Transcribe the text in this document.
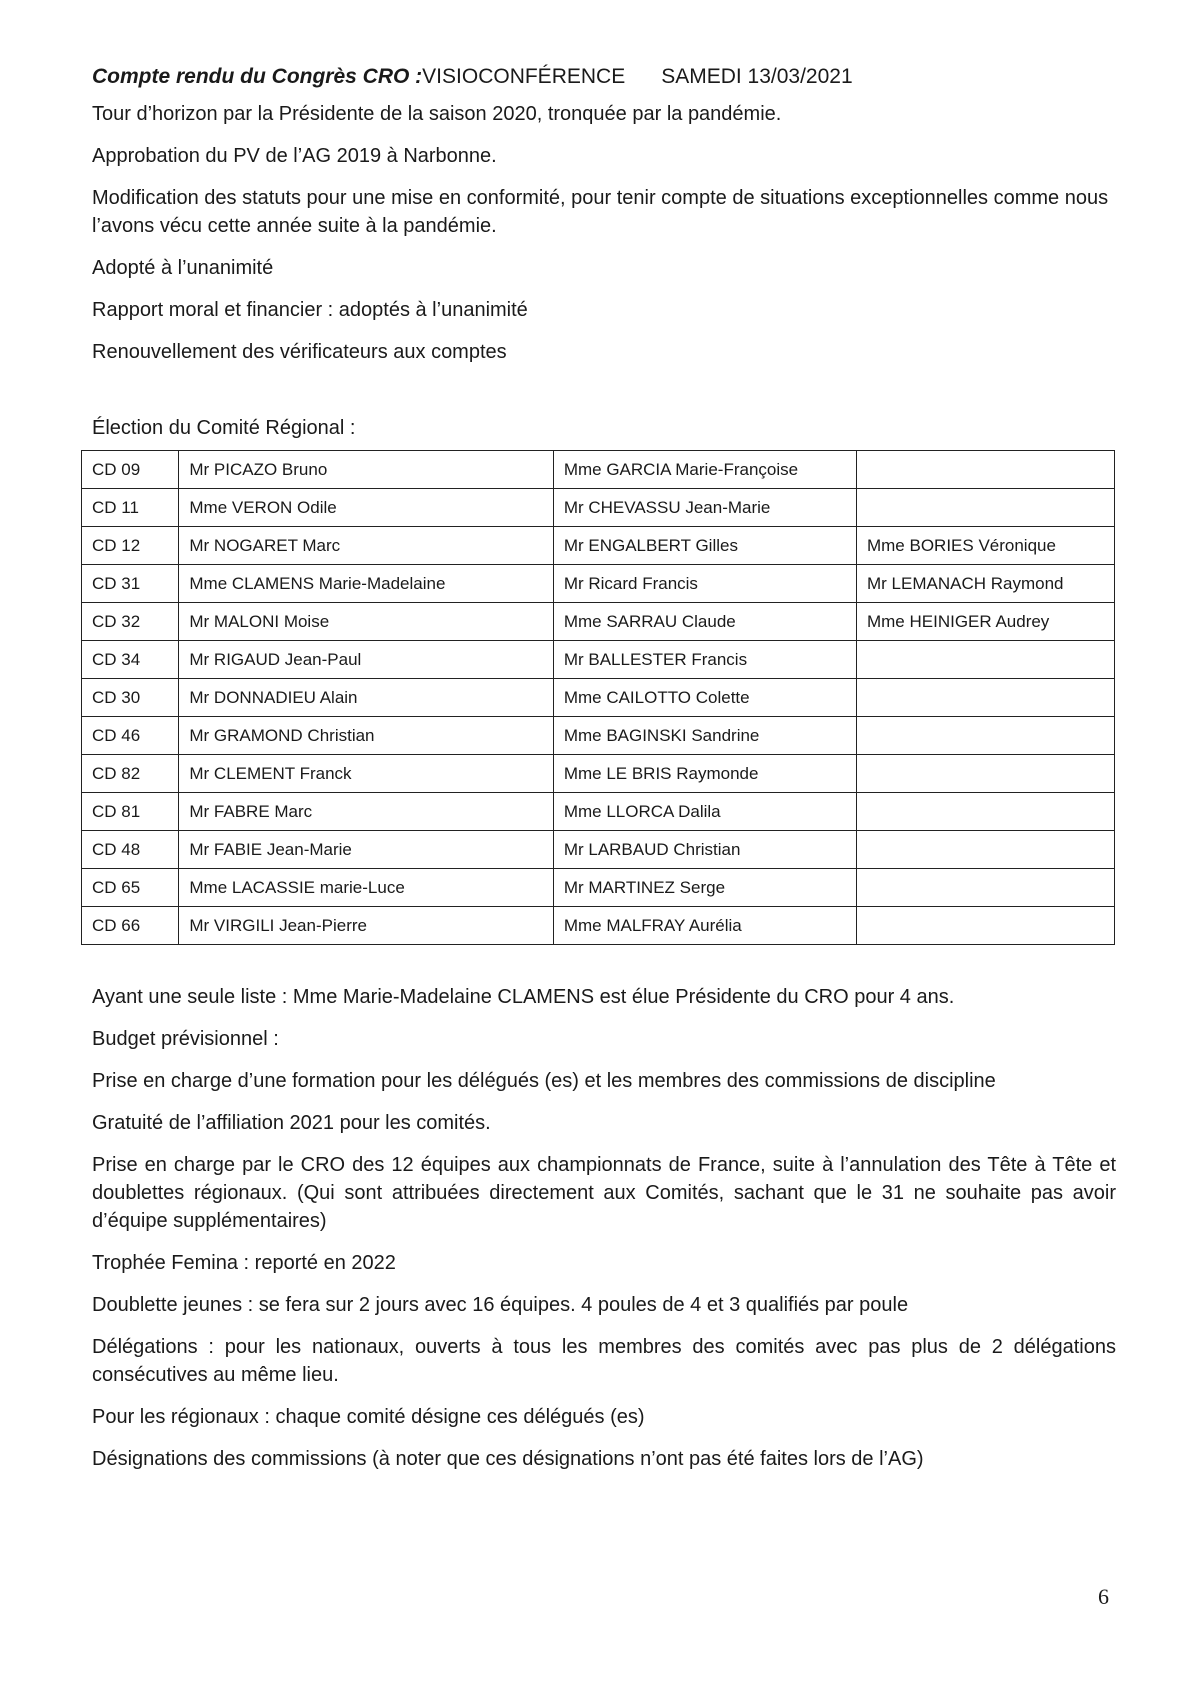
Compte rendu du Congrès CRO :VISIOCONFÉRENCE SAMEDI 13/03/2021

Tour d’horizon par la Présidente de la saison 2020, tronquée par la pandémie.

Approbation du PV de l’AG 2019 à Narbonne.

Modification des statuts pour une mise en conformité, pour tenir compte de situations exceptionnelles comme nous l’avons vécu cette année suite à la pandémie.

Adopté à l’unanimité

Rapport moral et financier : adoptés à l’unanimité

Renouvellement des vérificateurs aux comptes

Élection du Comité Régional :
CD 09	Mr PICAZO Bruno	Mme GARCIA Marie-Françoise	
CD 11	Mme VERON Odile	Mr CHEVASSU Jean-Marie	
CD 12	Mr NOGARET Marc	Mr ENGALBERT Gilles	Mme BORIES Véronique
CD 31	Mme CLAMENS Marie-Madelaine	Mr Ricard Francis	Mr LEMANACH Raymond
CD 32	Mr MALONI Moise	Mme SARRAU Claude	Mme HEINIGER Audrey
CD 34	Mr RIGAUD Jean-Paul	Mr BALLESTER Francis	
CD 30	Mr DONNADIEU Alain	Mme CAILOTTO Colette	
CD 46	Mr GRAMOND Christian	Mme BAGINSKI Sandrine	
CD 82	Mr CLEMENT Franck	Mme LE BRIS Raymonde	
CD 81	Mr FABRE Marc	Mme LLORCA Dalila	
CD 48	Mr FABIE Jean-Marie	Mr LARBAUD Christian	
CD 65	Mme LACASSIE marie-Luce	Mr MARTINEZ Serge	
CD 66	Mr VIRGILI Jean-Pierre	Mme MALFRAY Aurélia	

Ayant une seule liste : Mme Marie-Madelaine CLAMENS est élue Présidente du CRO pour 4 ans.

Budget prévisionnel :

Prise en charge d’une formation pour les délégués (es) et les membres des commissions de discipline

Gratuité de l’affiliation 2021 pour les comités.

Prise en charge par le CRO des 12 équipes aux championnats de France, suite à l’annulation des Tête à Tête et doublettes régionaux. (Qui sont attribuées directement aux Comités, sachant que le 31 ne souhaite pas avoir d’équipe supplémentaires)

Trophée Femina : reporté en 2022

Doublette jeunes : se fera sur 2 jours avec 16 équipes. 4 poules de 4 et 3 qualifiés par poule

Délégations : pour les nationaux, ouverts à tous les membres des comités avec pas plus de 2 délégations consécutives au même lieu.

Pour les régionaux : chaque comité désigne ces délégués (es)

Désignations des commissions (à noter que ces désignations n’ont pas été faites lors de l’AG)

6
